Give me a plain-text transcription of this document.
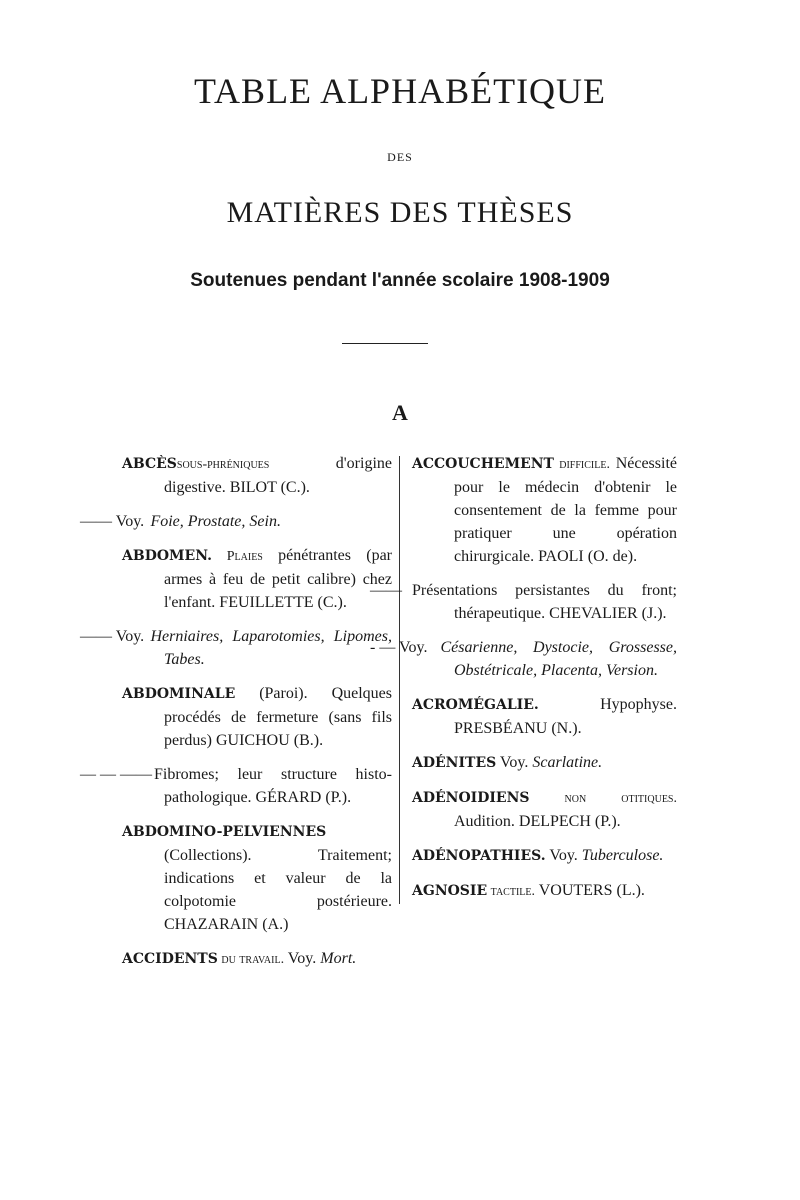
TABLE ALPHABÉTIQUE
DES
MATIÈRES DES THÈSES
Soutenues pendant l'année scolaire 1908-1909
A

ABCÈSsous-phréniques d'origine digestive. BILOT (C.).

—— Voy.Foie, Prostate, Sein.

ABDOMEN. Plaies pénétrantes (par armes à feu de petit calibre) chez l'enfant. FEUILLETTE (C.).

—— Voy.Herniaires, Laparotomies, Lipomes, Tabes.

ABDOMINALE (Paroi). Quelques procédés de fermeture (sans fils perdus) GUICHOU (B.).

— — ——Fibromes; leur structure histo-pathologique. GÉRARD (P.).

ABDOMINO-PELVIENNES (Collections). Traitement; indications et valeur de la colpotomie postérieure. CHAZARAIN (A.)

ACCIDENTS du travail. Voy. Mort.

ACCOUCHEMENT difficile. Nécessité pour le médecin d'obtenir le consentement de la femme pour pratiquer une opération chirurgicale. PAOLI (O. de).

——Présentations persistantes du front; thérapeutique. CHEVALIER (J.).

- — Voy.Césarienne, Dystocie, Grossesse, Obstétricale, Placenta, Version.

ACROMÉGALIE. Hypophyse. PRESBÉANU (N.).

ADÉNITES Voy. Scarlatine.

ADÉNOIDIENS non otitiques. Audition. DELPECH (P.).

ADÉNOPATHIES. Voy. Tuberculose.

AGNOSIE tactile. VOUTERS (L.).
